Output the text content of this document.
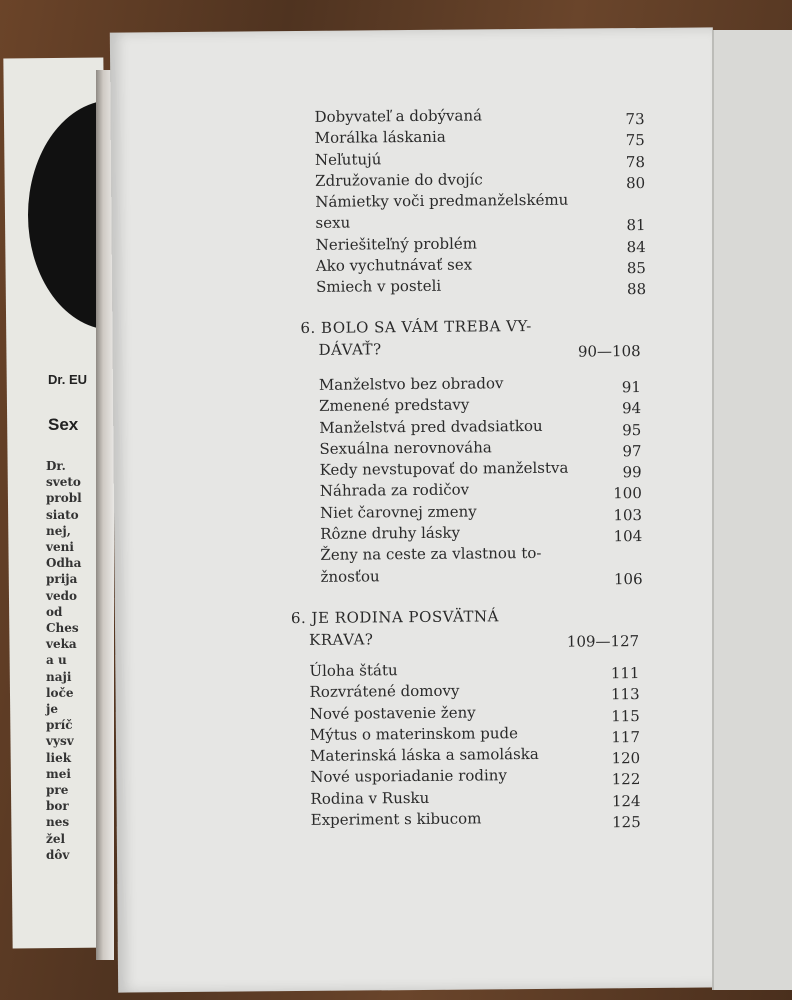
Dr. EU
Sex
Dr.
sveto
probl
siato
nej,
veni
Odha
prija
vedo
od
Ches
veka
a u
naji
loče
je
príč
vysv
liek
mei
pre
bor
nes
žel
dôv
Dobyvateľ a dobývaná	73
Morálka láskania	75
Neľutujú	78
Združovanie do dvojíc	80
Námietky voči predmanželskému
sexu	81
Neriešiteľný problém	84
Ako vychutnávať sex	85
Smiech v posteli	88
6. BOLO SA VÁM TREBA VY-
DÁVAŤ?	90—108
Manželstvo bez obradov	91
Zmenené predstavy	94
Manželstvá pred dvadsiatkou	95
Sexuálna nerovnováha	97
Kedy nevstupovať do manželstva	99
Náhrada za rodičov	100
Niet čarovnej zmeny	103
Rôzne druhy lásky	104
Ženy na ceste za vlastnou to-
žnosťou	106
6. JE RODINA POSVÄTNÁ
KRAVA?	109—127
Úloha štátu	111
Rozvrátené domovy	113
Nové postavenie ženy	115
Mýtus o materinskom pude	117
Materinská láska a samoláska	120
Nové usporiadanie rodiny	122
Rodina v Rusku	124
Experiment s kibucom	125
